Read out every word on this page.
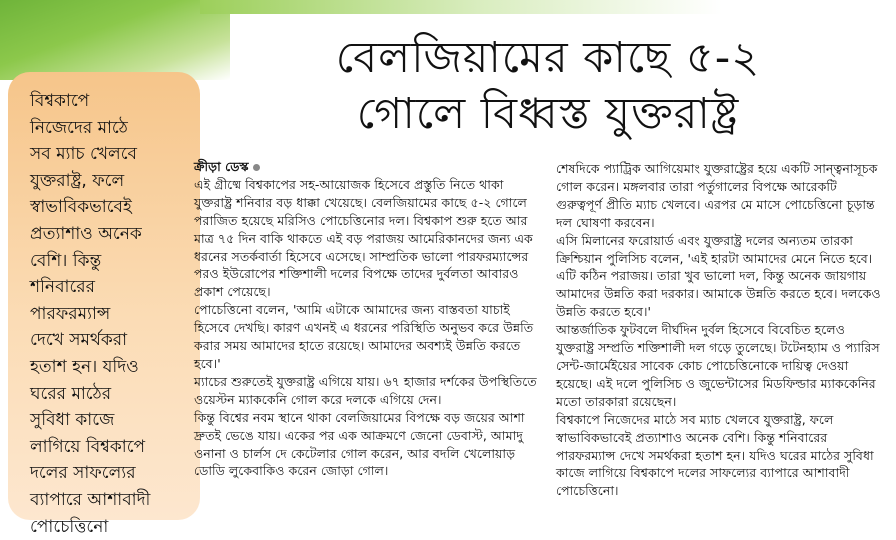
বিশ্বকাপে
নিজেদের মাঠে
সব ম্যাচ খেলবে
যুক্তরাষ্ট্র, ফলে
স্বাভাবিকভাবেই
প্রত্যাশাও অনেক
বেশি। কিন্তু
শনিবারের
পারফরম্যান্স
দেখে সমর্থকরা
হতাশ হন। যদিও
ঘরের মাঠের
সুবিধা কাজে
লাগিয়ে বিশ্বকাপে
দলের সাফল্যের
ব্যাপারে আশাবাদী
পোচেত্তিনো

বেলজিয়ামের কাছে ৫-২
গোলে বিধ্বস্ত যুক্তরাষ্ট্র

ক্রীড়া ডেস্ক

এই গ্রীষ্মে বিশ্বকাপের সহ-আয়োজক হিসেবে প্রস্তুতি নিতে থাকা যুক্তরাষ্ট্র শনিবার বড় ধাক্কা খেয়েছে। বেলজিয়ামের কাছে ৫-২ গোলে পরাজিত হয়েছে মরিসিও পোচেত্তিনোর দল। বিশ্বকাপ শুরু হতে আর মাত্র ৭৫ দিন বাকি থাকতে এই বড় পরাজয় আমেরিকানদের জন্য এক ধরনের সতর্কবার্তা হিসেবে এসেছে। সাম্প্রতিক ভালো পারফরম্যান্সের পরও ইউরোপের শক্তিশালী দলের বিপক্ষে তাদের দুর্বলতা আবারও প্রকাশ পেয়েছে।

পোচেত্তিনো বলেন, 'আমি এটাকে আমাদের জন্য বাস্তবতা যাচাই হিসেবে দেখছি। কারণ এখনই এ ধরনের পরিস্থিতি অনুভব করে উন্নতি করার সময় আমাদের হাতে রয়েছে। আমাদের অবশ্যই উন্নতি করতে হবে।'

ম্যাচের শুরুতেই যুক্তরাষ্ট্র এগিয়ে যায়। ৬৭ হাজার দর্শকের উপস্থিতিতে ওয়েস্টন ম্যাককেনি গোল করে দলকে এগিয়ে দেন।

কিন্তু বিশ্বের নবম স্থানে থাকা বেলজিয়ামের বিপক্ষে বড় জয়ের আশা দ্রুতই ভেঙে যায়। একের পর এক আক্রমণে জেনো ডেবাস্ট, আমাদু ওনানা ও চার্লস দে কেটেলার গোল করেন, আর বদলি খেলোয়াড় ডোডি লুকেবাকিও করেন জোড়া গোল।

শেষদিকে প্যাট্রিক আগিয়েমাং যুক্তরাষ্ট্রের হয়ে একটি সান্ত্বনাসূচক গোল করেন। মঙ্গলবার তারা পর্তুগালের বিপক্ষে আরেকটি গুরুত্বপূর্ণ প্রীতি ম্যাচ খেলবে। এরপর মে মাসে পোচেত্তিনো চূড়ান্ত দল ঘোষণা করবেন।

এসি মিলানের ফরোয়ার্ড এবং যুক্তরাষ্ট্র দলের অন্যতম তারকা ক্রিশ্চিয়ান পুলিসিচ বলেন, 'এই হারটা আমাদের মেনে নিতে হবে। এটি কঠিন পরাজয়। তারা খুব ভালো দল, কিন্তু অনেক জায়গায় আমাদের উন্নতি করা দরকার। আমাকে উন্নতি করতে হবে। দলকেও উন্নতি করতে হবে।'

আন্তর্জাতিক ফুটবলে দীর্ঘদিন দুর্বল হিসেবে বিবেচিত হলেও যুক্তরাষ্ট্র সম্প্রতি শক্তিশালী দল গড়ে তুলেছে। টটেনহ্যাম ও প্যারিস সেন্ট-জার্মেইয়ের সাবেক কোচ পোচেত্তিনোকে দায়িত্ব দেওয়া হয়েছে। এই দলে পুলিসিচ ও জুভেন্টাসের মিডফিল্ডার ম্যাককেনির মতো তারকারা রয়েছেন।

বিশ্বকাপে নিজেদের মাঠে সব ম্যাচ খেলবে যুক্তরাষ্ট্র, ফলে স্বাভাবিকভাবেই প্রত্যাশাও অনেক বেশি। কিন্তু শনিবারের পারফরম্যান্স দেখে সমর্থকরা হতাশ হন। যদিও ঘরের মাঠের সুবিধা কাজে লাগিয়ে বিশ্বকাপে দলের সাফল্যের ব্যাপারে আশাবাদী পোচেত্তিনো।
